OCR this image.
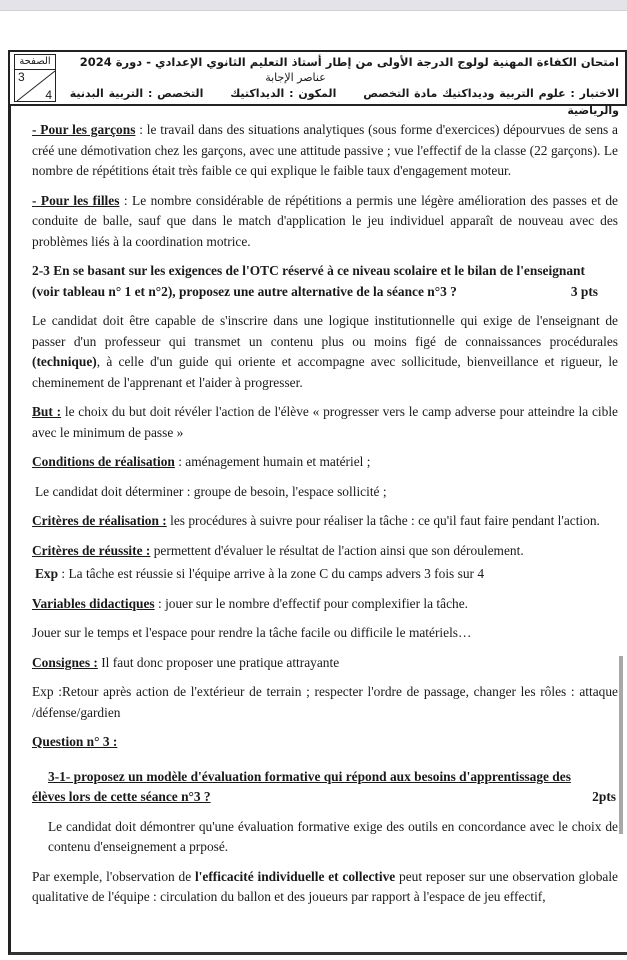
الصفحة
3
4
امتحان الكفاءة المهنية لولوج الدرجة الأولى من إطار أستاذ التعليم الثانوي الإعدادي - دورة 2024
عناصر الإجابة
الاختبار : علوم التربية وديداكتيك مادة التخصص المكون : الديداكتيك التخصص : التربية البدنية والرياضية

- Pour les garçons : le travail dans des situations analytiques (sous forme d'exercices) dépourvues de sens a créé une démotivation chez les garçons, avec une attitude passive ; vue l'effectif de la classe (22 garçons). Le nombre de répétitions était très faible ce qui explique le faible taux d'engagement moteur.

- Pour les filles : Le nombre considérable de répétitions a permis une légère amélioration des passes et de conduite de balle, sauf que dans le match d'application le jeu individuel apparaît de nouveau avec des problèmes liés à la coordination motrice.

2-3 En se basant sur les exigences de l'OTC réservé à ce niveau scolaire et le bilan de l'enseignant

(voir tableau n° 1 et n°2), proposez une autre alternative de la séance n°3 ?	3 pts

Le candidat doit être capable de s'inscrire dans une logique institutionnelle qui exige de l'enseignant de passer d'un professeur qui transmet un contenu plus ou moins figé de connaissances procédurales (technique), à celle d'un guide qui oriente et accompagne avec sollicitude, bienveillance et rigueur, le cheminement de l'apprenant et l'aider à progresser.

But : le choix du but doit révéler l'action de l'élève « progresser vers le camp adverse pour atteindre la cible avec le minimum de passe »

Conditions de réalisation : aménagement humain et matériel ;

Le candidat doit déterminer : groupe de besoin, l'espace sollicité ;

Critères de réalisation : les procédures à suivre pour réaliser la tâche : ce qu'il faut faire pendant l'action.

Critères de réussite : permettent d'évaluer le résultat de l'action ainsi que son déroulement.

Exp : La tâche est réussie si l'équipe arrive à la zone C du camps advers 3 fois sur 4

Variables didactiques : jouer sur le nombre d'effectif pour complexifier la tâche.

Jouer sur le temps et l'espace pour rendre la tâche facile ou difficile le matériels…

Consignes : Il faut donc proposer une pratique attrayante

Exp :Retour après action de l'extérieur de terrain ; respecter l'ordre de passage, changer les rôles : attaque /défense/gardien

Question n° 3 :

3-1- proposez un modèle d'évaluation formative qui répond aux besoins d'apprentissage des

élèves lors de cette séance n°3 ?	2pts

Le candidat doit démontrer qu'une évaluation formative exige des outils en concordance avec le choix de contenu d'enseignement a prposé.

Par exemple, l'observation de l'efficacité individuelle et collective peut reposer sur une observation globale qualitative de l'équipe : circulation du ballon et des joueurs par rapport à l'espace de jeu effectif,
